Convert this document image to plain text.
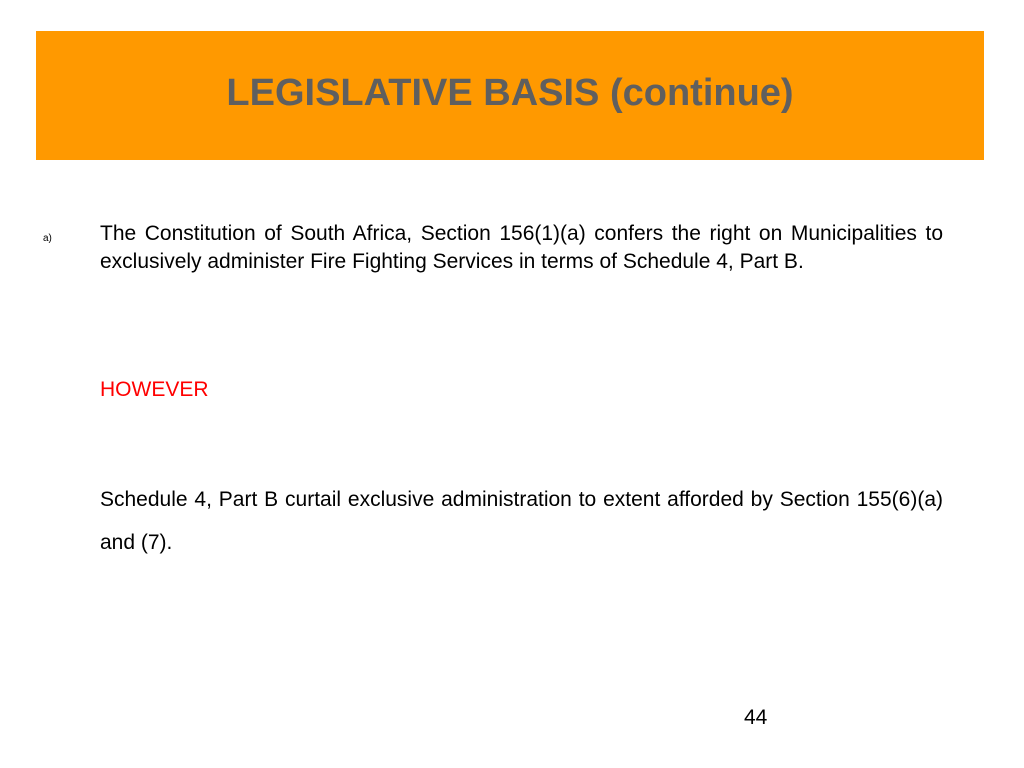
LEGISLATIVE BASIS (continue)
a) The Constitution of South Africa, Section 156(1)(a) confers the right on Municipalities to exclusively administer Fire Fighting Services in terms of Schedule 4, Part B.

HOWEVER

Schedule 4, Part B curtail exclusive administration to extent afforded by Section 155(6)(a) and (7).

44
